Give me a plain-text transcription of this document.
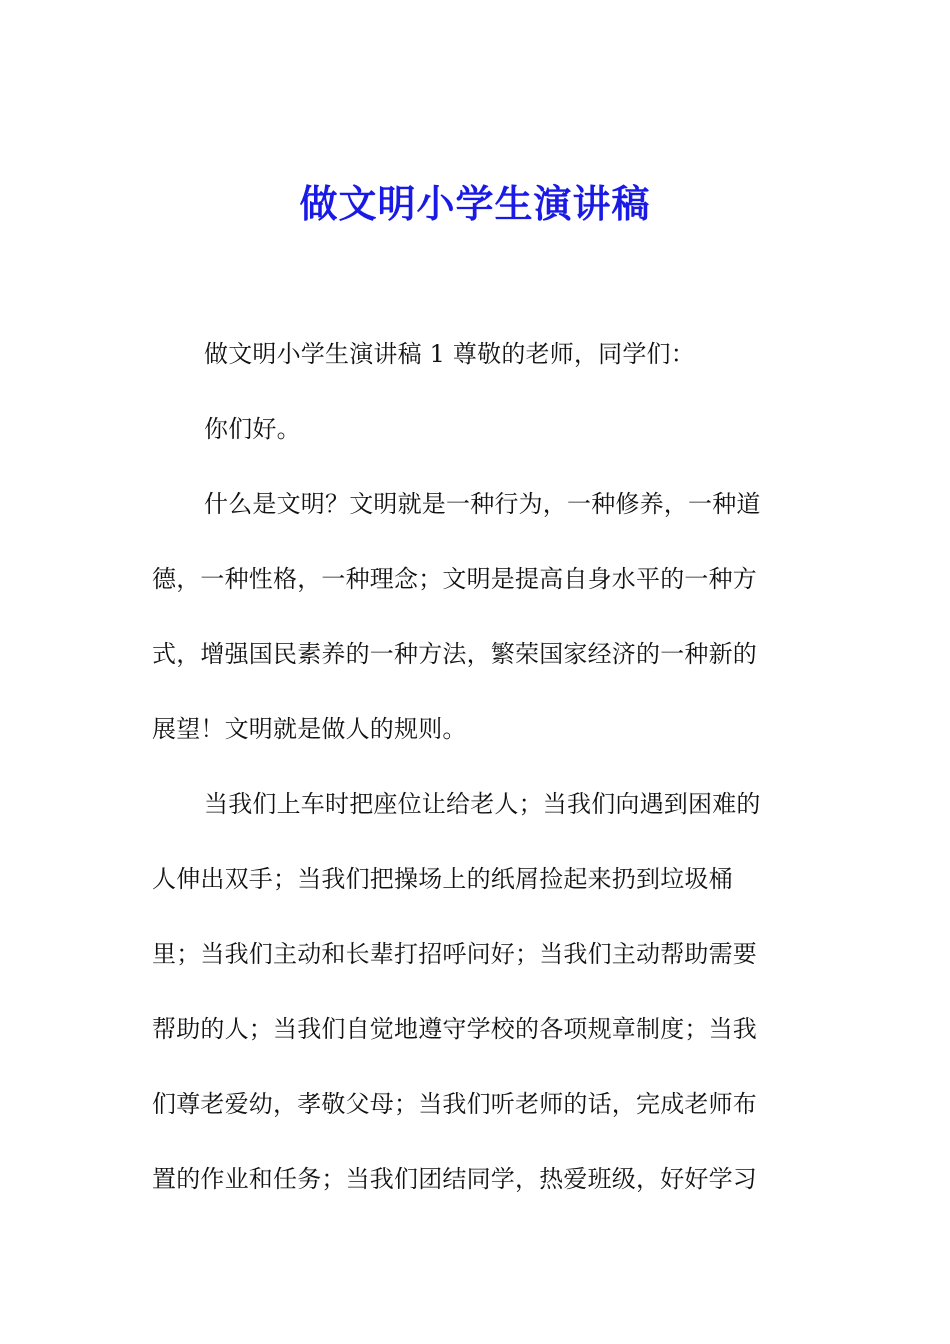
做文明小学生演讲稿
做文明小学生演讲稿 1 尊敬的老师，同学们：
你们好。
什么是文明？文明就是一种行为，一种修养，一种道
德，一种性格，一种理念；文明是提高自身水平的一种方
式，增强国民素养的一种方法，繁荣国家经济的一种新的
展望！文明就是做人的规则。
当我们上车时把座位让给老人；当我们向遇到困难的
人伸出双手；当我们把操场上的纸屑捡起来扔到垃圾桶
里；当我们主动和长辈打招呼问好；当我们主动帮助需要
帮助的人；当我们自觉地遵守学校的各项规章制度；当我
们尊老爱幼，孝敬父母；当我们听老师的话，完成老师布
置的作业和任务；当我们团结同学，热爱班级，好好学习
